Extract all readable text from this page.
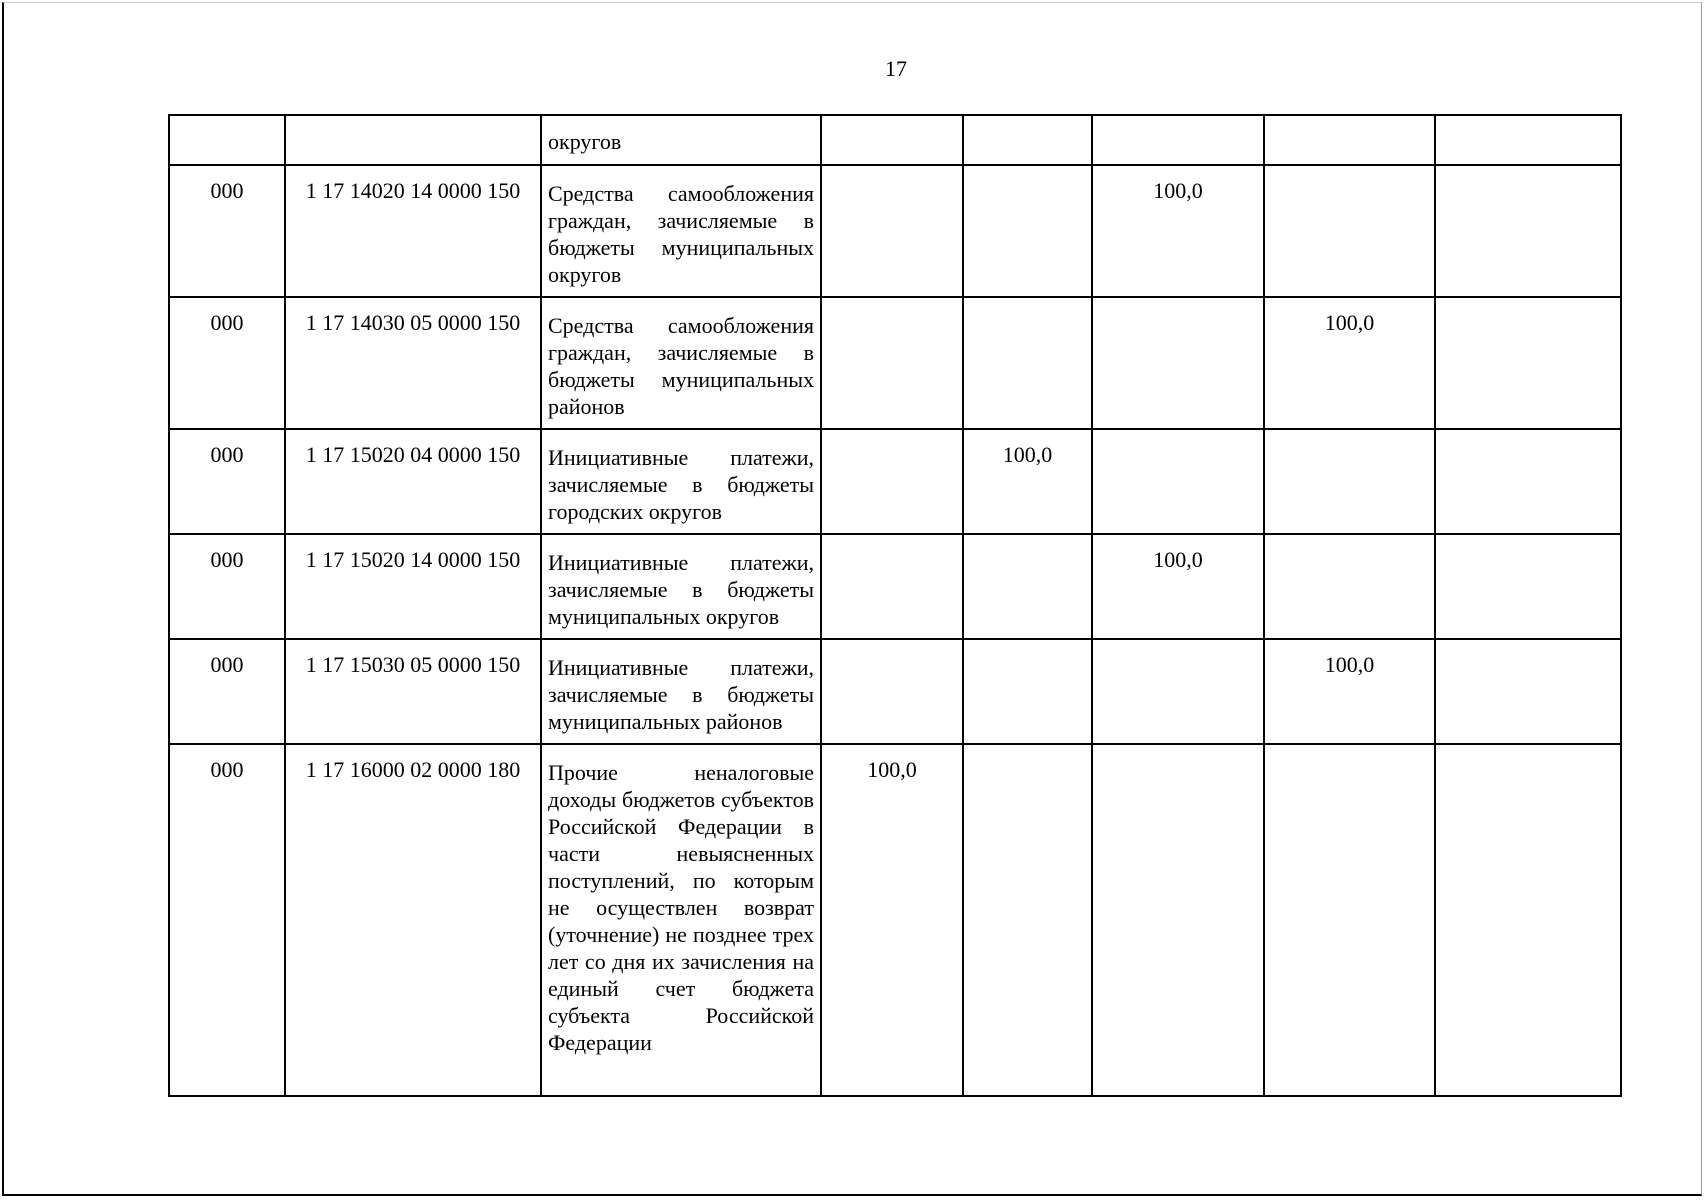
17
		округов					
000	1 17 14020 14 0000 150	Средства самообложения граждан, зачисляемые в бюджеты муниципальных округов			100,0		
000	1 17 14030 05 0000 150	Средства самообложения граждан, зачисляемые в бюджеты муниципальных районов				100,0	
000	1 17 15020 04 0000 150	Инициативные платежи, зачисляемые в бюджеты городских округов		100,0			
000	1 17 15020 14 0000 150	Инициативные платежи, зачисляемые в бюджеты муниципальных округов			100,0		
000	1 17 15030 05 0000 150	Инициативные платежи, зачисляемые в бюджеты муниципальных районов				100,0	
000	1 17 16000 02 0000 180	Прочие неналоговые доходы бюджетов субъектов Российской Федерации в части невыясненных поступлений, по которым не осуществлен возврат (уточнение) не позднее трех лет со дня их зачисления на единый счет бюджета субъекта Российской Федерации	100,0				
